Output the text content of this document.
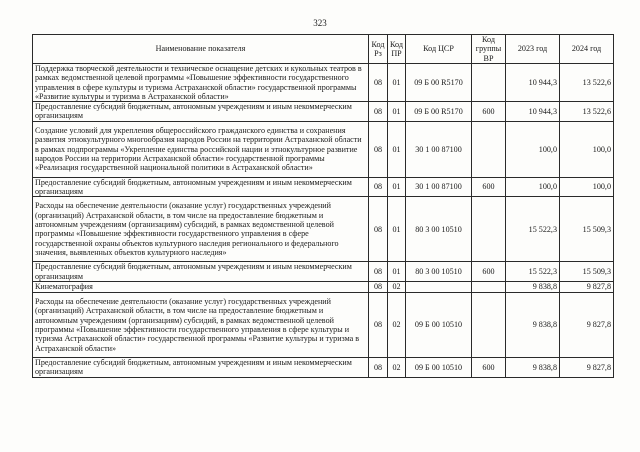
323
Наименование показателя	Код Рз	Код ПР	Код ЦСР	Код группы ВР	2023 год	2024 год
Поддержка творческой деятельности и техническое оснащение детских и кукольных театров в рамках ведомственной целевой программы «Повышение эффективности государственного управления в сфере культуры и туризма Астраханской области» государственной программы «Развитие культуры и туризма в Астраханской области»	08	01	09 Б 00 R5170		10 944,3	13 522,6
Предоставление субсидий бюджетным, автономным учреждениям и иным некоммерческим организациям	08	01	09 Б 00 R5170	600	10 944,3	13 522,6
Создание условий для укрепления общероссийского гражданского единства и сохранения развития этнокультурного многообразия народов России на территории Астраханской области в рамках подпрограммы «Укрепление единства российской нации и этнокультурное развитие народов России на территории Астраханской области» государственной программы «Реализация государственной национальной политики в Астраханской области»	08	01	30 1 00 87100		100,0	100,0
Предоставление субсидий бюджетным, автономным учреждениям и иным некоммерческим организациям	08	01	30 1 00 87100	600	100,0	100,0
Расходы на обеспечение деятельности (оказание услуг) государственных учреждений (организаций) Астраханской области, в том числе на предоставление бюджетным и автономным учреждениям (организациям) субсидий, в рамках ведомственной целевой программы «Повышение эффективности государственного управления в сфере государственной охраны объектов культурного наследия регионального и федерального значения, выявленных объектов культурного наследия»	08	01	80 3 00 10510		15 522,3	15 509,3
Предоставление субсидий бюджетным, автономным учреждениям и иным некоммерческим организациям	08	01	80 3 00 10510	600	15 522,3	15 509,3
Кинематография	08	02			9 838,8	9 827,8
Расходы на обеспечение деятельности (оказание услуг) государственных учреждений (организаций) Астраханской области, в том числе на предоставление бюджетным и автономным учреждениям (организациям) субсидий, в рамках ведомственной целевой программы «Повышение эффективности государственного управления в сфере культуры и туризма Астраханской области» государственной программы «Развитие культуры и туризма в Астраханской области»	08	02	09 Б 00 10510		9 838,8	9 827,8
Предоставление субсидий бюджетным, автономным учреждениям и иным некоммерческим организациям	08	02	09 Б 00 10510	600	9 838,8	9 827,8
